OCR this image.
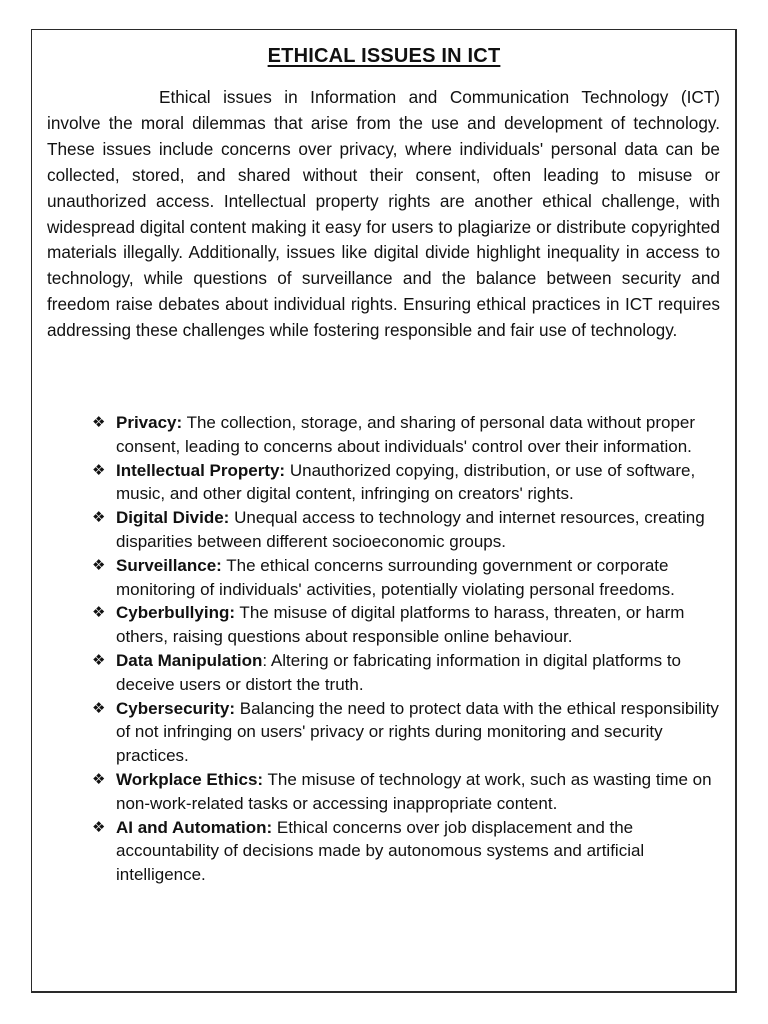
ETHICAL ISSUES IN ICT

Ethical issues in Information and Communication Technology (ICT) involve the moral dilemmas that arise from the use and development of technology. These issues include concerns over privacy, where individuals' personal data can be collected, stored, and shared without their consent, often leading to misuse or unauthorized access. Intellectual property rights are another ethical challenge, with widespread digital content making it easy for users to plagiarize or distribute copyrighted materials illegally. Additionally, issues like digital divide highlight inequality in access to technology, while questions of surveillance and the balance between security and freedom raise debates about individual rights. Ensuring ethical practices in ICT requires addressing these challenges while fostering responsible and fair use of technology.

❖ Privacy: The collection, storage, and sharing of personal data without proper consent, leading to concerns about individuals' control over their information.
❖ Intellectual Property: Unauthorized copying, distribution, or use of software, music, and other digital content, infringing on creators' rights.
❖ Digital Divide: Unequal access to technology and internet resources, creating disparities between different socioeconomic groups.
❖ Surveillance: The ethical concerns surrounding government or corporate monitoring of individuals' activities, potentially violating personal freedoms.
❖ Cyberbullying: The misuse of digital platforms to harass, threaten, or harm others, raising questions about responsible online behaviour.
❖ Data Manipulation: Altering or fabricating information in digital platforms to deceive users or distort the truth.
❖ Cybersecurity: Balancing the need to protect data with the ethical responsibility of not infringing on users' privacy or rights during monitoring and security practices.
❖ Workplace Ethics: The misuse of technology at work, such as wasting time on non-work-related tasks or accessing inappropriate content.
❖ AI and Automation: Ethical concerns over job displacement and the accountability of decisions made by autonomous systems and artificial intelligence.
